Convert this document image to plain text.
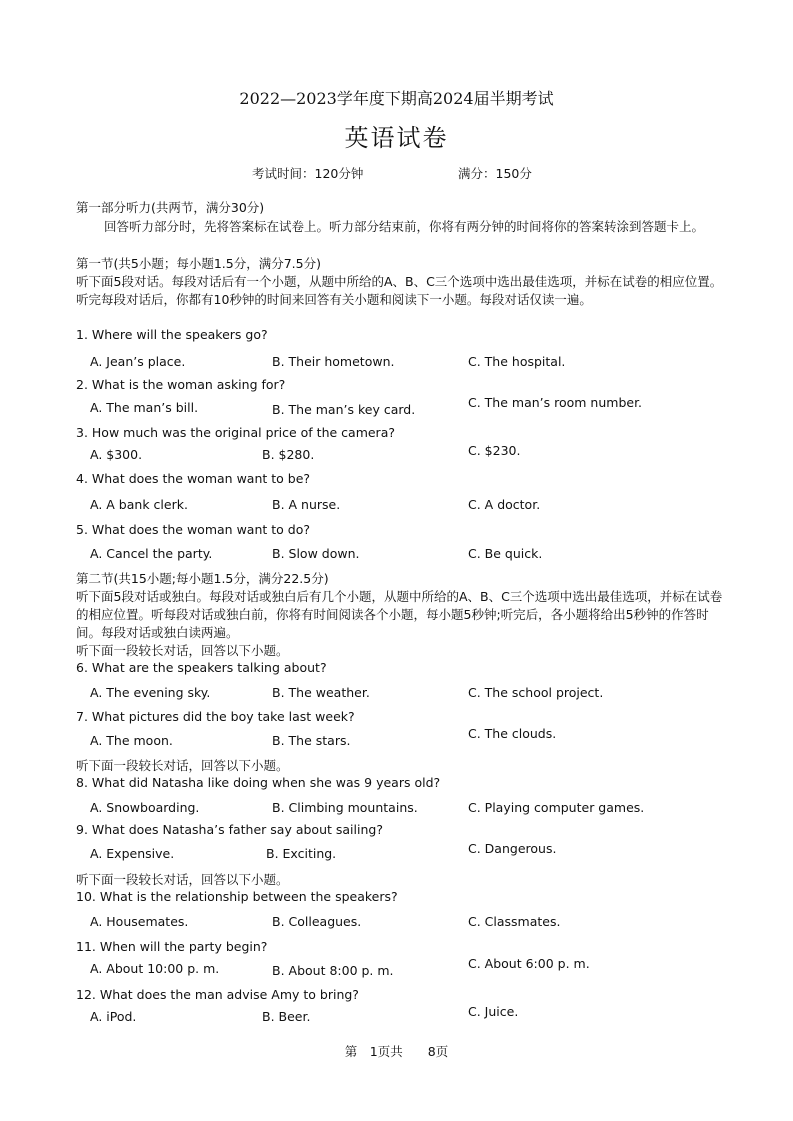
2022—2023学年度下期高2024届半期考试
英语试卷
考试时间：120分钟	满分：150分
第一部分听力(共两节，满分30分)
回答听力部分时，先将答案标在试卷上。听力部分结束前，你将有两分钟的时间将你的答案转涂到答题卡上。
第一节(共5小题；每小题1.5分，满分7.5分)
听下面5段对话。每段对话后有一个小题，从题中所给的A、B、C三个选项中选出最佳选项，并标在试卷的相应位置。听完每段对话后，你都有10秒钟的时间来回答有关小题和阅读下一小题。每段对话仅读一遍。
1. Where will the speakers go?
A. Jean’s place.	B. Their hometown.	C. The hospital.
2. What is the woman asking for?
A. The man’s bill.	B. The man’s key card.	C. The man’s room number.
3. How much was the original price of the camera?
A. $300.	B. $280.	C. $230.
4. What does the woman want to be?
A. A bank clerk.	B. A nurse.	C. A doctor.
5. What does the woman want to do?
A. Cancel the party.	B. Slow down.	C. Be quick.
第二节(共15小题;每小题1.5分，满分22.5分)
听下面5段对话或独白。每段对话或独白后有几个小题，从题中所给的A、B、C三个选项中选出最佳选项，并标在试卷的相应位置。听每段对话或独白前，你将有时间阅读各个小题，每小题5秒钟;听完后，各小题将给出5秒钟的作答时间。每段对话或独白读两遍。
听下面一段较长对话，回答以下小题。
6. What are the speakers talking about?
A. The evening sky.	B. The weather.	C. The school project.
7. What pictures did the boy take last week?
A. The moon.	B. The stars.	C. The clouds.
听下面一段较长对话，回答以下小题。
8. What did Natasha like doing when she was 9 years old?
A. Snowboarding.	B. Climbing mountains.	C. Playing computer games.
9. What does Natasha’s father say about sailing?
A. Expensive.	B. Exciting.	C. Dangerous.
听下面一段较长对话，回答以下小题。
10. What is the relationship between the speakers?
A. Housemates.	B. Colleagues.	C. Classmates.
11. When will the party begin?
A. About 10:00 p. m.	B. About 8:00 p. m.	C. About 6:00 p. m.
12. What does the man advise Amy to bring?
A. iPod.	B. Beer.	C. Juice.
第　1页共　　8页
